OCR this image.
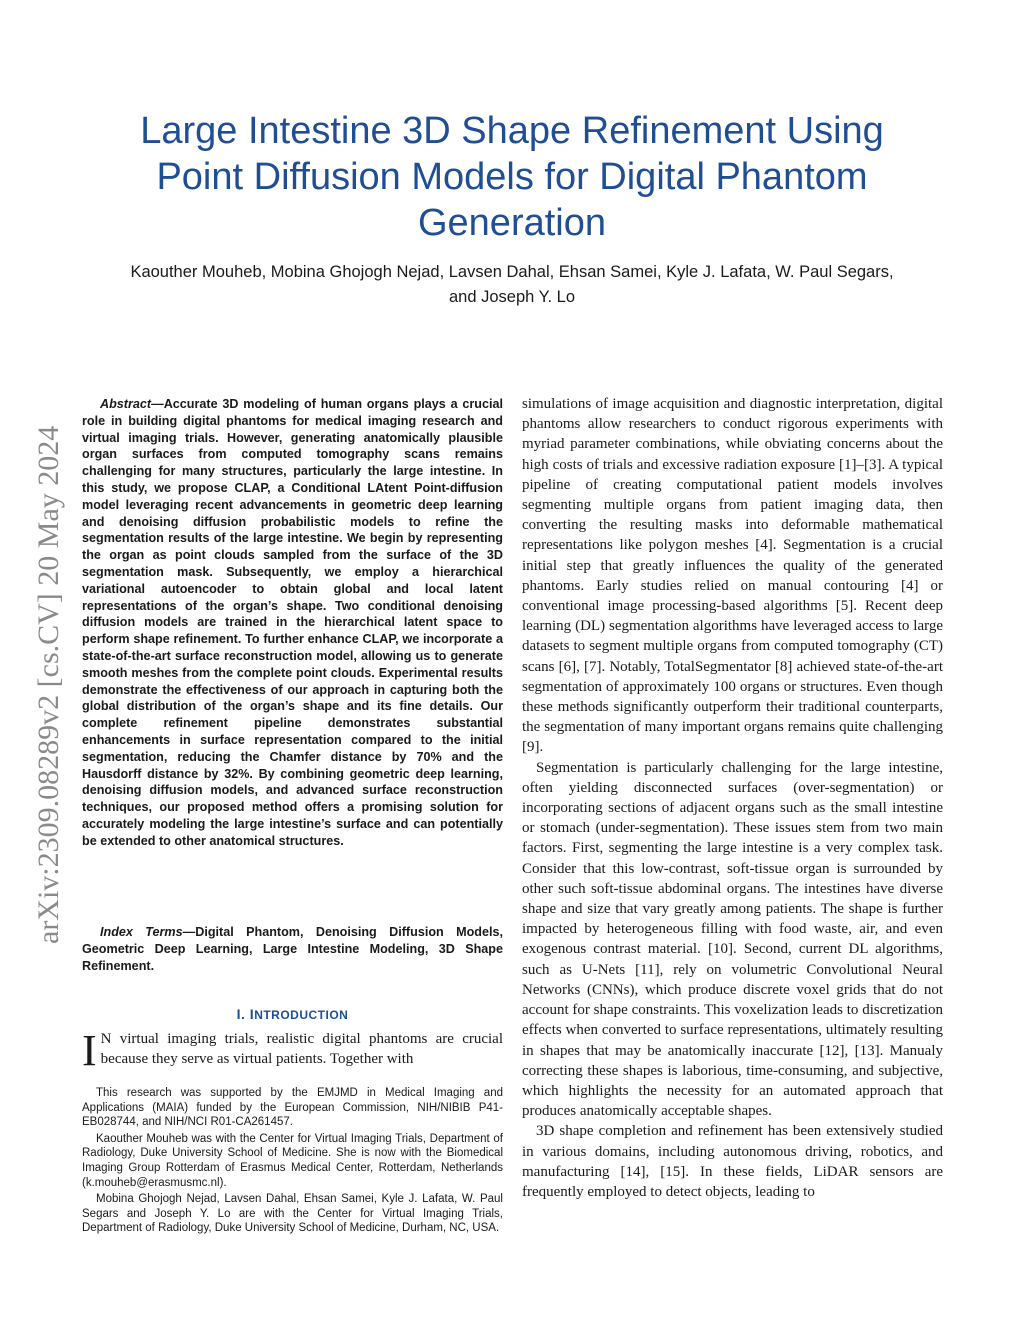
arXiv:2309.08289v2 [cs.CV] 20 May 2024
Large Intestine 3D Shape Refinement Using
Point Diffusion Models for Digital Phantom
Generation
Kaouther Mouheb, Mobina Ghojogh Nejad, Lavsen Dahal, Ehsan Samei, Kyle J. Lafata, W. Paul Segars,
and Joseph Y. Lo

Abstract—Accurate 3D modeling of human organs plays a crucial role in building digital phantoms for medical imaging research and virtual imaging trials. However, generating anatomically plausible organ surfaces from computed tomography scans remains challenging for many structures, particularly the large intestine. In this study, we propose CLAP, a Conditional LAtent Point-diffusion model leveraging recent advancements in geometric deep learning and denoising diffusion probabilistic models to refine the segmentation results of the large intestine. We begin by representing the organ as point clouds sampled from the surface of the 3D segmentation mask. Subsequently, we employ a hierarchical variational autoencoder to obtain global and local latent representations of the organ’s shape. Two conditional denoising diffusion models are trained in the hierarchical latent space to perform shape refinement. To further enhance CLAP, we incorporate a state-of-the-art surface reconstruction model, allowing us to generate smooth meshes from the complete point clouds. Experimental results demonstrate the effectiveness of our approach in capturing both the global distribution of the organ’s shape and its fine details. Our complete refinement pipeline demonstrates substantial enhancements in surface representation compared to the initial segmentation, reducing the Chamfer distance by 70% and the Hausdorff distance by 32%. By combining geometric deep learning, denoising diffusion models, and advanced surface reconstruction techniques, our proposed method offers a promising solution for accurately modeling the large intestine’s surface and can potentially be extended to other anatomical structures.

Index Terms—Digital Phantom, Denoising Diffusion Models, Geometric Deep Learning, Large Intestine Modeling, 3D Shape Refinement.

I. INTRODUCTION

I N virtual imaging trials, realistic digital phantoms are crucial because they serve as virtual patients. Together with

This research was supported by the EMJMD in Medical Imaging and Applications (MAIA) funded by the European Commission, NIH/NIBIB P41-EB028744, and NIH/NCI R01-CA261457.

Kaouther Mouheb was with the Center for Virtual Imaging Trials, Department of Radiology, Duke University School of Medicine. She is now with the Biomedical Imaging Group Rotterdam of Erasmus Medical Center, Rotterdam, Netherlands (k.mouheb@erasmusmc.nl).

Mobina Ghojogh Nejad, Lavsen Dahal, Ehsan Samei, Kyle J. Lafata, W. Paul Segars and Joseph Y. Lo are with the Center for Virtual Imaging Trials, Department of Radiology, Duke University School of Medicine, Durham, NC, USA.

simulations of image acquisition and diagnostic interpretation, digital phantoms allow researchers to conduct rigorous experiments with myriad parameter combinations, while obviating concerns about the high costs of trials and excessive radiation exposure [1]–[3]. A typical pipeline of creating computational patient models involves segmenting multiple organs from patient imaging data, then converting the resulting masks into deformable mathematical representations like polygon meshes [4]. Segmentation is a crucial initial step that greatly influences the quality of the generated phantoms. Early studies relied on manual contouring [4] or conventional image processing-based algorithms [5]. Recent deep learning (DL) segmentation algorithms have leveraged access to large datasets to segment multiple organs from computed tomography (CT) scans [6], [7]. Notably, TotalSegmentator [8] achieved state-of-the-art segmentation of approximately 100 organs or structures. Even though these methods significantly outperform their traditional counterparts, the segmentation of many important organs remains quite challenging [9].

Segmentation is particularly challenging for the large intestine, often yielding disconnected surfaces (over-segmentation) or incorporating sections of adjacent organs such as the small intestine or stomach (under-segmentation). These issues stem from two main factors. First, segmenting the large intestine is a very complex task. Consider that this low-contrast, soft-tissue organ is surrounded by other such soft-tissue abdominal organs. The intestines have diverse shape and size that vary greatly among patients. The shape is further impacted by heterogeneous filling with food waste, air, and even exogenous contrast material. [10]. Second, current DL algorithms, such as U-Nets [11], rely on volumetric Convolutional Neural Networks (CNNs), which produce discrete voxel grids that do not account for shape constraints. This voxelization leads to discretization effects when converted to surface representations, ultimately resulting in shapes that may be anatomically inaccurate [12], [13]. Manualy correcting these shapes is laborious, time-consuming, and subjective, which highlights the necessity for an automated approach that produces anatomically acceptable shapes.

3D shape completion and refinement has been extensively studied in various domains, including autonomous driving, robotics, and manufacturing [14], [15]. In these fields, LiDAR sensors are frequently employed to detect objects, leading to
